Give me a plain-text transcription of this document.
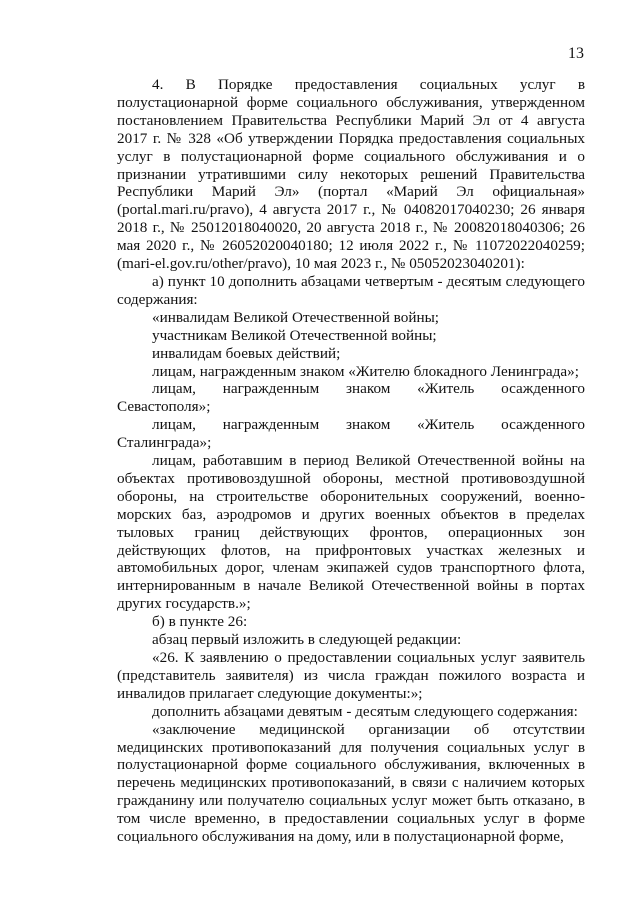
13

4. В Порядке предоставления социальных услуг в полустационарной форме социального обслуживания, утвержденном постановлением Правительства Республики Марий Эл от 4 августа 2017 г. № 328 «Об утверждении Порядка предоставления социальных услуг в полустационарной форме социального обслуживания и о признании утратившими силу некоторых решений Правительства Республики Марий Эл» (портал «Марий Эл официальная» (portal.mari.ru/pravo), 4 августа 2017 г., № 04082017040230; 26 января 2018 г., № 25012018040020, 20 августа 2018 г., № 20082018040306; 26 мая 2020 г., № 26052020040180; 12 июля 2022 г., № 11072022040259; (mari-el.gov.ru/other/pravo), 10 мая 2023 г., № 05052023040201):

а) пункт 10 дополнить абзацами четвертым - десятым следующего содержания:

«инвалидам Великой Отечественной войны;

участникам Великой Отечественной войны;

инвалидам боевых действий;

лицам, награжденным знаком «Жителю блокадного Ленинграда»;

лицам, награжденным знаком «Житель осажденного Севастополя»;

лицам, награжденным знаком «Житель осажденного Сталинграда»;

лицам, работавшим в период Великой Отечественной войны на объектах противовоздушной обороны, местной противовоздушной обороны, на строительстве оборонительных сооружений, военно-морских баз, аэродромов и других военных объектов в пределах тыловых границ действующих фронтов, операционных зон действующих флотов, на прифронтовых участках железных и автомобильных дорог, членам экипажей судов транспортного флота, интернированным в начале Великой Отечественной войны в портах других государств.»;

б) в пункте 26:

абзац первый изложить в следующей редакции:

«26. К заявлению о предоставлении социальных услуг заявитель (представитель заявителя) из числа граждан пожилого возраста и инвалидов прилагает следующие документы:»;

дополнить абзацами девятым - десятым следующего содержания:

«заключение медицинской организации об отсутствии медицинских противопоказаний для получения социальных услуг в полустационарной форме социального обслуживания, включенных в перечень медицинских противопоказаний, в связи с наличием которых гражданину или получателю социальных услуг может быть отказано, в том числе временно, в предоставлении социальных услуг в форме социального обслуживания на дому, или в полустационарной форме,
